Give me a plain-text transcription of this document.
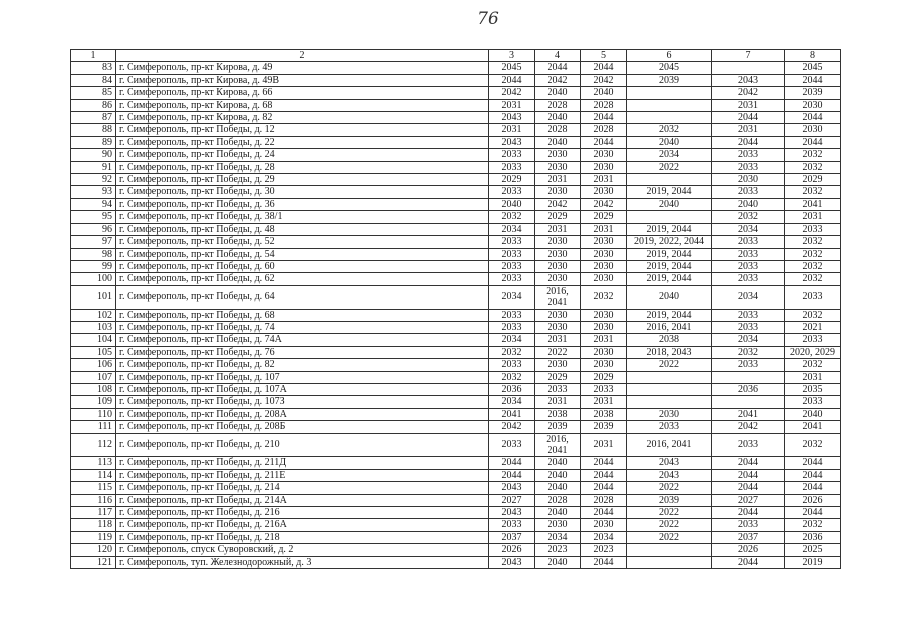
76
1	2	3	4	5	6	7	8
83	г. Симферополь, пр-кт Кирова, д. 49	2045	2044	2044	2045		2045
84	г. Симферополь, пр-кт Кирова, д. 49В	2044	2042	2042	2039	2043	2044
85	г. Симферополь, пр-кт Кирова, д. 66	2042	2040	2040		2042	2039
86	г. Симферополь, пр-кт Кирова, д. 68	2031	2028	2028		2031	2030
87	г. Симферополь, пр-кт Кирова, д. 82	2043	2040	2044		2044	2044
88	г. Симферополь, пр-кт Победы, д. 12	2031	2028	2028	2032	2031	2030
89	г. Симферополь, пр-кт Победы, д. 22	2043	2040	2044	2040	2044	2044
90	г. Симферополь, пр-кт Победы, д. 24	2033	2030	2030	2034	2033	2032
91	г. Симферополь, пр-кт Победы, д. 28	2033	2030	2030	2022	2033	2032
92	г. Симферополь, пр-кт Победы, д. 29	2029	2031	2031		2030	2029
93	г. Симферополь, пр-кт Победы, д. 30	2033	2030	2030	2019, 2044	2033	2032
94	г. Симферополь, пр-кт Победы, д. 36	2040	2042	2042	2040	2040	2041
95	г. Симферополь, пр-кт Победы, д. 38/1	2032	2029	2029		2032	2031
96	г. Симферополь, пр-кт Победы, д. 48	2034	2031	2031	2019, 2044	2034	2033
97	г. Симферополь, пр-кт Победы, д. 52	2033	2030	2030	2019, 2022, 2044	2033	2032
98	г. Симферополь, пр-кт Победы, д. 54	2033	2030	2030	2019, 2044	2033	2032
99	г. Симферополь, пр-кт Победы, д. 60	2033	2030	2030	2019, 2044	2033	2032
100	г. Симферополь, пр-кт Победы, д. 62	2033	2030	2030	2019, 2044	2033	2032
101	г. Симферополь, пр-кт Победы, д. 64	2034	2016, 2041	2032	2040	2034	2033
102	г. Симферополь, пр-кт Победы, д. 68	2033	2030	2030	2019, 2044	2033	2032
103	г. Симферополь, пр-кт Победы, д. 74	2033	2030	2030	2016, 2041	2033	2021
104	г. Симферополь, пр-кт Победы, д. 74А	2034	2031	2031	2038	2034	2033
105	г. Симферополь, пр-кт Победы, д. 76	2032	2022	2030	2018, 2043	2032	2020, 2029
106	г. Симферополь, пр-кт Победы, д. 82	2033	2030	2030	2022	2033	2032
107	г. Симферополь, пр-кт Победы, д. 107	2032	2029	2029			2031
108	г. Симферополь, пр-кт Победы, д. 107А	2036	2033	2033		2036	2035
109	г. Симферополь, пр-кт Победы, д. 107З	2034	2031	2031			2033
110	г. Симферополь, пр-кт Победы, д. 208А	2041	2038	2038	2030	2041	2040
111	г. Симферополь, пр-кт Победы, д. 208Б	2042	2039	2039	2033	2042	2041
112	г. Симферополь, пр-кт Победы, д. 210	2033	2016, 2041	2031	2016, 2041	2033	2032
113	г. Симферополь, пр-кт Победы, д. 211Д	2044	2040	2044	2043	2044	2044
114	г. Симферополь, пр-кт Победы, д. 211Е	2044	2040	2044	2043	2044	2044
115	г. Симферополь, пр-кт Победы, д. 214	2043	2040	2044	2022	2044	2044
116	г. Симферополь, пр-кт Победы, д. 214А	2027	2028	2028	2039	2027	2026
117	г. Симферополь, пр-кт Победы, д. 216	2043	2040	2044	2022	2044	2044
118	г. Симферополь, пр-кт Победы, д. 216А	2033	2030	2030	2022	2033	2032
119	г. Симферополь, пр-кт Победы, д. 218	2037	2034	2034	2022	2037	2036
120	г. Симферополь, спуск Суворовский, д. 2	2026	2023	2023		2026	2025
121	г. Симферополь, туп. Железнодорожный, д. 3	2043	2040	2044		2044	2019
